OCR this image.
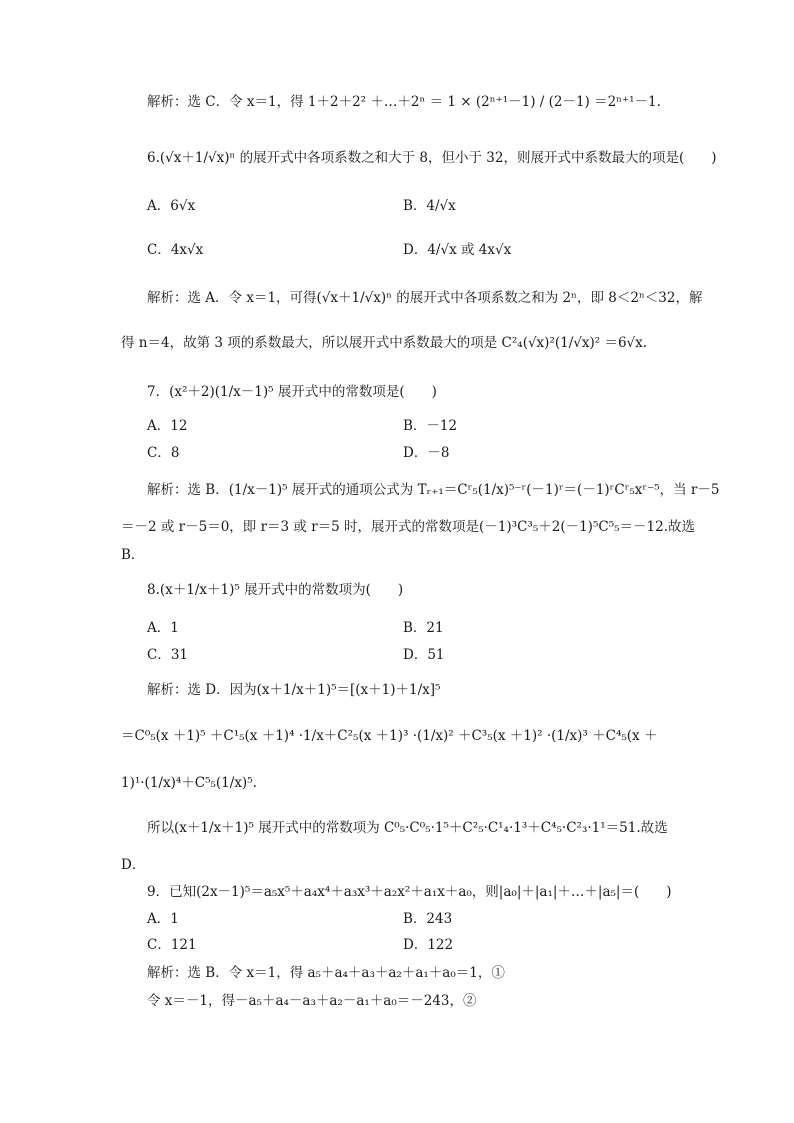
解析：选 C．令 x＝1，得 1＋2＋2² ＋…＋2ⁿ ＝ 1 × (2ⁿ⁺¹－1) / (2－1) ＝2ⁿ⁺¹－1.
6.(√x＋1/√x)ⁿ 的展开式中各项系数之和大于 8，但小于 32，则展开式中系数最大的项是(　　)
A．6√x	B．4/√x
C．4x√x	D．4/√x 或 4x√x
解析：选 A．令 x＝1，可得(√x＋1/√x)ⁿ 的展开式中各项系数之和为 2ⁿ，即 8＜2ⁿ＜32，解
得 n＝4，故第 3 项的系数最大，所以展开式中系数最大的项是 C²₄(√x)²(1/√x)² ＝6√x.
7．(x²＋2)(1/x－1)⁵ 展开式中的常数项是(　　)
A．12	B．－12
C．8	D．－8
解析：选 B．(1/x－1)⁵ 展开式的通项公式为 Tᵣ₊₁＝Cʳ₅(1/x)⁵⁻ʳ(－1)ʳ＝(－1)ʳCʳ₅xʳ⁻⁵，当 r－5
＝－2 或 r－5＝0，即 r＝3 或 r＝5 时，展开式的常数项是(－1)³C³₅＋2(－1)⁵C⁵₅＝－12.故选
B．
8.(x＋1/x＋1)⁵ 展开式中的常数项为(　　)
A．1	B．21
C．31	D．51
解析：选 D．因为(x＋1/x＋1)⁵＝[(x＋1)＋1/x]⁵
＝C⁰₅(x ＋1)⁵ ＋C¹₅(x ＋1)⁴ ·1/x＋C²₅(x ＋1)³ ·(1/x)² ＋C³₅(x ＋1)² ·(1/x)³ ＋C⁴₅(x ＋
1)¹·(1/x)⁴＋C⁵₅(1/x)⁵.
所以(x＋1/x＋1)⁵ 展开式中的常数项为 C⁰₅·C⁰₅·1⁵＋C²₅·C¹₄·1³＋C⁴₅·C²₃·1¹＝51.故选
D．
9．已知(2x－1)⁵＝a₅x⁵＋a₄x⁴＋a₃x³＋a₂x²＋a₁x＋a₀，则|a₀|＋|a₁|＋…＋|a₅|＝(　　)
A．1	B．243
C．121	D．122
解析：选 B．令 x＝1，得 a₅＋a₄＋a₃＋a₂＋a₁＋a₀＝1，①
令 x＝－1，得－a₅＋a₄－a₃＋a₂－a₁＋a₀＝－243，②
